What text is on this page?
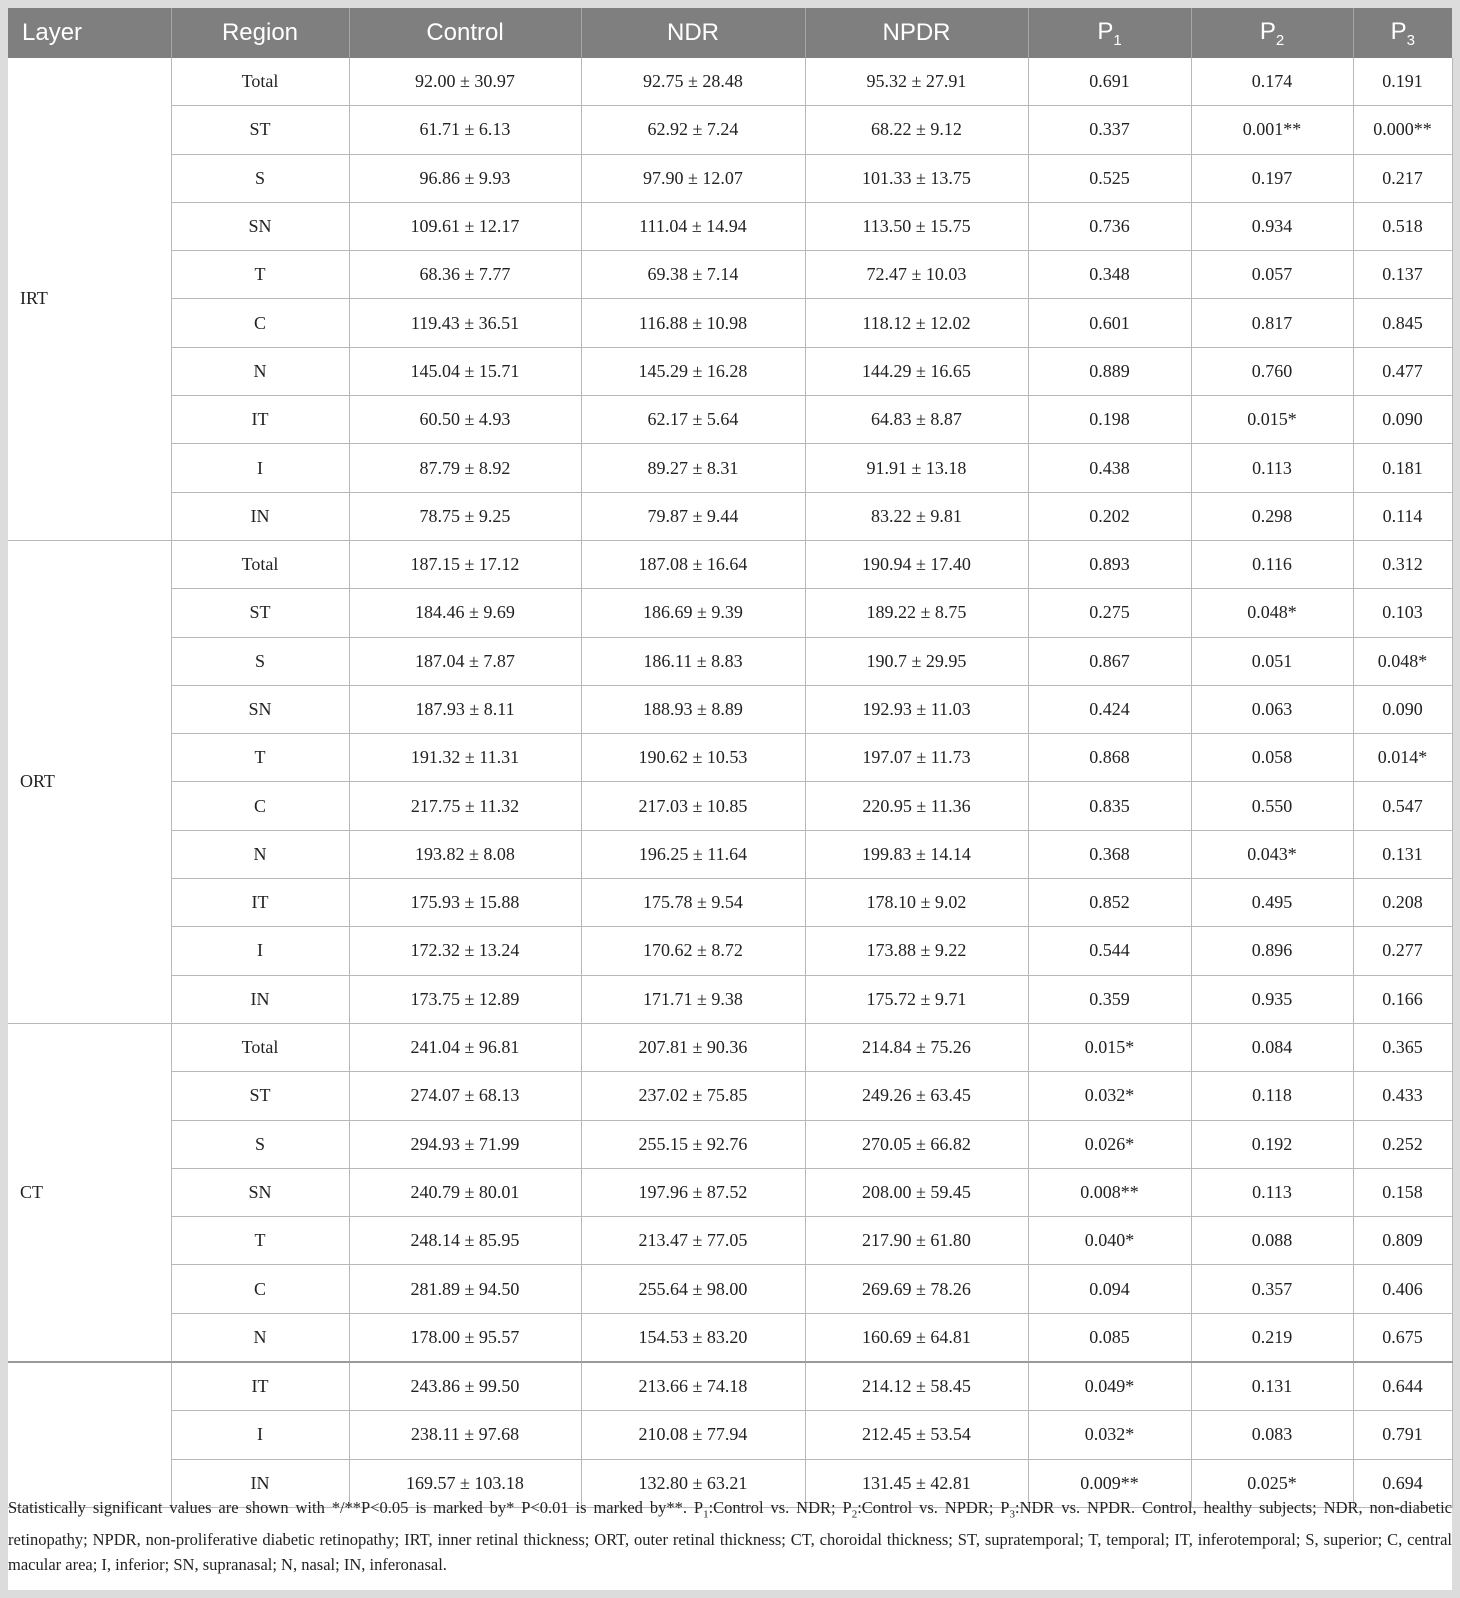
Layer	Region	Control	NDR	NPDR	$P_1$	$P_2$	$P_3$
IRT	Total	92.00 ± 30.97	92.75 ± 28.48	95.32 ± 27.91	0.691	0.174	0.191
	ST	61.71 ± 6.13	62.92 ± 7.24	68.22 ± 9.12	0.337	0.001**	0.000**
	S	96.86 ± 9.93	97.90 ± 12.07	101.33 ± 13.75	0.525	0.197	0.217
	SN	109.61 ± 12.17	111.04 ± 14.94	113.50 ± 15.75	0.736	0.934	0.518
	T	68.36 ± 7.77	69.38 ± 7.14	72.47 ± 10.03	0.348	0.057	0.137
	C	119.43 ± 36.51	116.88 ± 10.98	118.12 ± 12.02	0.601	0.817	0.845
	N	145.04 ± 15.71	145.29 ± 16.28	144.29 ± 16.65	0.889	0.760	0.477
	IT	60.50 ± 4.93	62.17 ± 5.64	64.83 ± 8.87	0.198	0.015*	0.090
	I	87.79 ± 8.92	89.27 ± 8.31	91.91 ± 13.18	0.438	0.113	0.181
	IN	78.75 ± 9.25	79.87 ± 9.44	83.22 ± 9.81	0.202	0.298	0.114
ORT	Total	187.15 ± 17.12	187.08 ± 16.64	190.94 ± 17.40	0.893	0.116	0.312
	ST	184.46 ± 9.69	186.69 ± 9.39	189.22 ± 8.75	0.275	0.048*	0.103
	S	187.04 ± 7.87	186.11 ± 8.83	190.7 ± 29.95	0.867	0.051	0.048*
	SN	187.93 ± 8.11	188.93 ± 8.89	192.93 ± 11.03	0.424	0.063	0.090
	T	191.32 ± 11.31	190.62 ± 10.53	197.07 ± 11.73	0.868	0.058	0.014*
	C	217.75 ± 11.32	217.03 ± 10.85	220.95 ± 11.36	0.835	0.550	0.547
	N	193.82 ± 8.08	196.25 ± 11.64	199.83 ± 14.14	0.368	0.043*	0.131
	IT	175.93 ± 15.88	175.78 ± 9.54	178.10 ± 9.02	0.852	0.495	0.208
	I	172.32 ± 13.24	170.62 ± 8.72	173.88 ± 9.22	0.544	0.896	0.277
	IN	173.75 ± 12.89	171.71 ± 9.38	175.72 ± 9.71	0.359	0.935	0.166
CT	Total	241.04 ± 96.81	207.81 ± 90.36	214.84 ± 75.26	0.015*	0.084	0.365
	ST	274.07 ± 68.13	237.02 ± 75.85	249.26 ± 63.45	0.032*	0.118	0.433
	S	294.93 ± 71.99	255.15 ± 92.76	270.05 ± 66.82	0.026*	0.192	0.252
	SN	240.79 ± 80.01	197.96 ± 87.52	208.00 ± 59.45	0.008**	0.113	0.158
	T	248.14 ± 85.95	213.47 ± 77.05	217.90 ± 61.80	0.040*	0.088	0.809
	C	281.89 ± 94.50	255.64 ± 98.00	269.69 ± 78.26	0.094	0.357	0.406
	N	178.00 ± 95.57	154.53 ± 83.20	160.69 ± 64.81	0.085	0.219	0.675
	IT	243.86 ± 99.50	213.66 ± 74.18	214.12 ± 58.45	0.049*	0.131	0.644
	I	238.11 ± 97.68	210.08 ± 77.94	212.45 ± 53.54	0.032*	0.083	0.791
	IN	169.57 ± 103.18	132.80 ± 63.21	131.45 ± 42.81	0.009**	0.025*	0.694

Statistically significant values are shown with */**P<0.05 is marked by* P<0.01 is marked by**. $P_1:Control$ vs. NDR; $P_2:Control$ vs. NPDR; $P_3:NDR$ vs. NPDR. Control, healthy subjects; NDR, non-diabetic retinopathy; NPDR, non-proliferative diabetic retinopathy; IRT, inner retinal thickness; ORT, outer retinal thickness; CT, choroidal thickness; ST, supratemporal; T, temporal; IT, inferotemporal; S, superior; C, central macular area; I, inferior; SN, supranasal; N, nasal; IN, inferonasal.
